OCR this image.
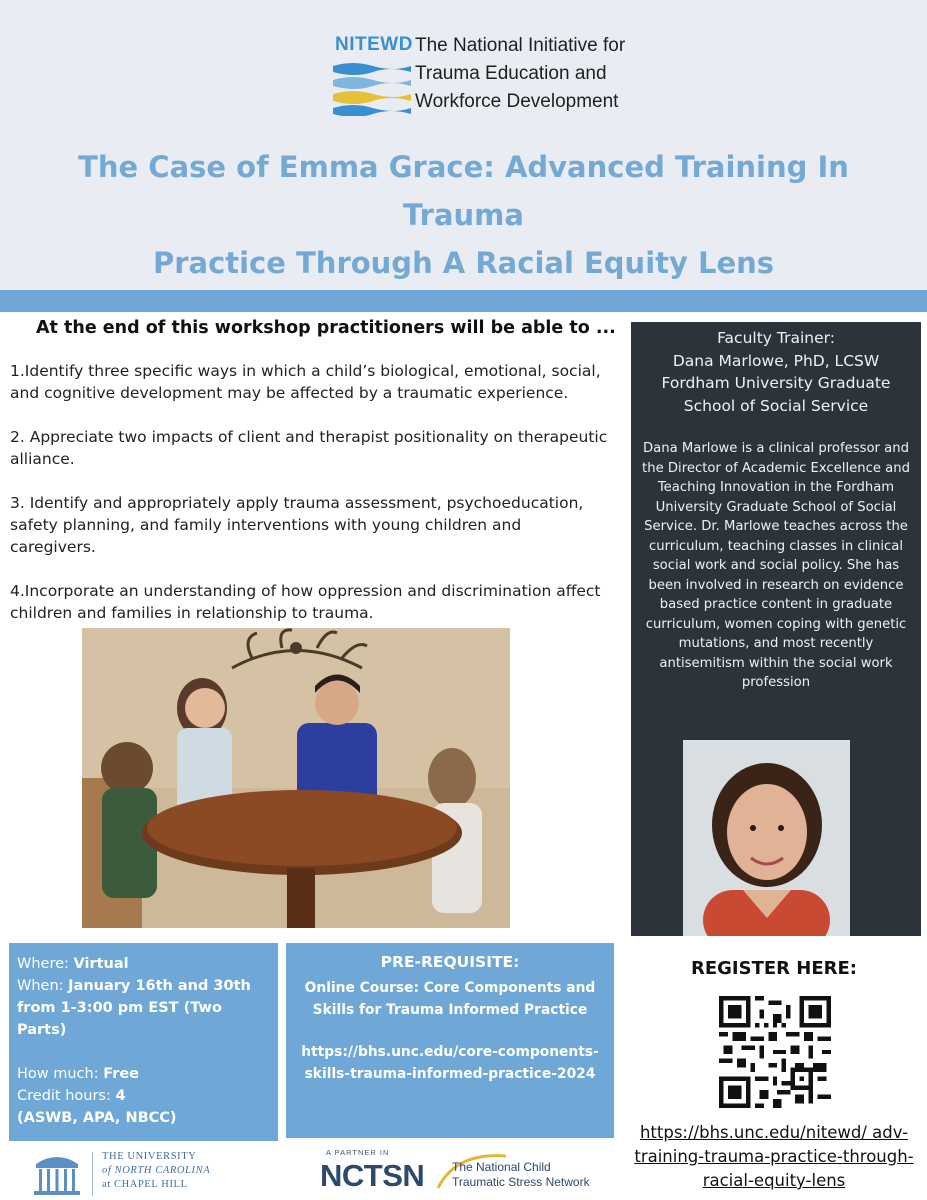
NITEWD The National Initiative for
Trauma Education and
Workforce Development
The Case of Emma Grace: Advanced Training In Trauma
Practice Through A Racial Equity Lens
At the end of this workshop practitioners will be able to ...
1.Identify three specific ways in which a child’s biological, emotional, social, and cognitive development may be affected by a traumatic experience.
2. Appreciate two impacts of client and therapist positionality on therapeutic alliance.
3. Identify and appropriately apply trauma assessment, psychoeducation, safety planning, and family interventions with young children and caregivers.
4.Incorporate an understanding of how oppression and discrimination affect children and families in relationship to trauma.
Faculty Trainer:
Dana Marlowe, PhD, LCSW
Fordham University Graduate School of Social Service
Dana Marlowe is a clinical professor and the Director of Academic Excellence and Teaching Innovation in the Fordham University Graduate School of Social Service. Dr. Marlowe teaches across the curriculum, teaching classes in clinical social work and social policy. She has been involved in research on evidence based practice content in graduate curriculum, women coping with genetic mutations, and most recently antisemitism within the social work profession
Where: Virtual
When: January 16th and 30th from 1-3:00 pm EST (Two Parts)
How much: Free
Credit hours: 4
(ASWB, APA, NBCC)
PRE-REQUISITE:
Online Course: Core Components and Skills for Trauma Informed Practice
https://bhs.unc.edu/core-components-skills-trauma-informed-practice-2024
REGISTER HERE:
https://bhs.unc.edu/nitewd/ adv-training-trauma-practice-through-racial-equity-lens
THE UNIVERSITY
of NORTH CAROLINA
at CHAPEL HILL
A PARTNER IN
NCTSN The National Child
Traumatic Stress Network
